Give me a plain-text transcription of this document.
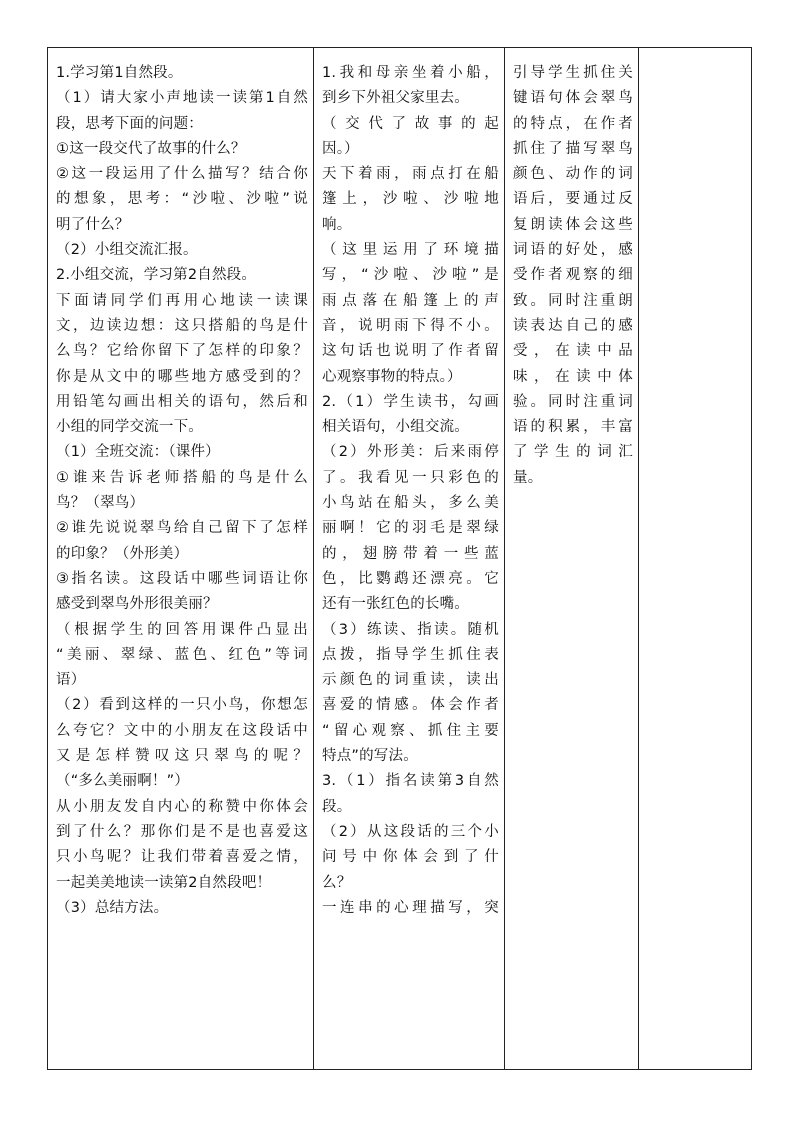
1.学习第1自然段。
（1）请大家小声地读一读第1自然
段，思考下面的问题：
①这一段交代了故事的什么？
②这一段运用了什么描写？结合你
的想象，思考：“沙啦、沙啦”说
明了什么？
（2）小组交流汇报。
2.小组交流，学习第2自然段。
下面请同学们再用心地读一读课
文，边读边想：这只搭船的鸟是什
么鸟？它给你留下了怎样的印象？
你是从文中的哪些地方感受到的？
用铅笔勾画出相关的语句，然后和
小组的同学交流一下。
（1）全班交流：（课件）
①谁来告诉老师搭船的鸟是什么
鸟？（翠鸟）
②谁先说说翠鸟给自己留下了怎样
的印象？（外形美）
③指名读。这段话中哪些词语让你
感受到翠鸟外形很美丽？
（根据学生的回答用课件凸显出
“美丽、翠绿、蓝色、红色”等词
语）
（2）看到这样的一只小鸟，你想怎
么夸它？文中的小朋友在这段话中
又是怎样赞叹这只翠鸟的呢？
（“多么美丽啊！”）
从小朋友发自内心的称赞中你体会
到了什么？那你们是不是也喜爱这
只小鸟呢？让我们带着喜爱之情，
一起美美地读一读第2自然段吧！
（3）总结方法。
1.我和母亲坐着小船，
到乡下外祖父家里去。
（交代了故事的起
因。）
天下着雨，雨点打在船
篷上，沙啦、沙啦地
响。
（这里运用了环境描
写，“沙啦、沙啦”是
雨点落在船篷上的声
音，说明雨下得不小。
这句话也说明了作者留
心观察事物的特点。）
2.（1）学生读书，勾画
相关语句，小组交流。
（2）外形美：后来雨停
了。我看见一只彩色的
小鸟站在船头，多么美
丽啊！它的羽毛是翠绿
的，翅膀带着一些蓝
色，比鹦鹉还漂亮。它
还有一张红色的长嘴。
（3）练读、指读。随机
点拨，指导学生抓住表
示颜色的词重读，读出
喜爱的情感。体会作者
“留心观察、抓住主要
特点”的写法。
3.（1）指名读第3自然
段。
（2）从这段话的三个小
问号中你体会到了什
么？
一连串的心理描写，突
引导学生抓住关
键语句体会翠鸟
的特点，在作者
抓住了描写翠鸟
颜色、动作的词
语后，要通过反
复朗读体会这些
词语的好处，感
受作者观察的细
致。同时注重朗
读表达自己的感
受，在读中品
味，在读中体
验。同时注重词
语的积累，丰富
了学生的词汇
量。
